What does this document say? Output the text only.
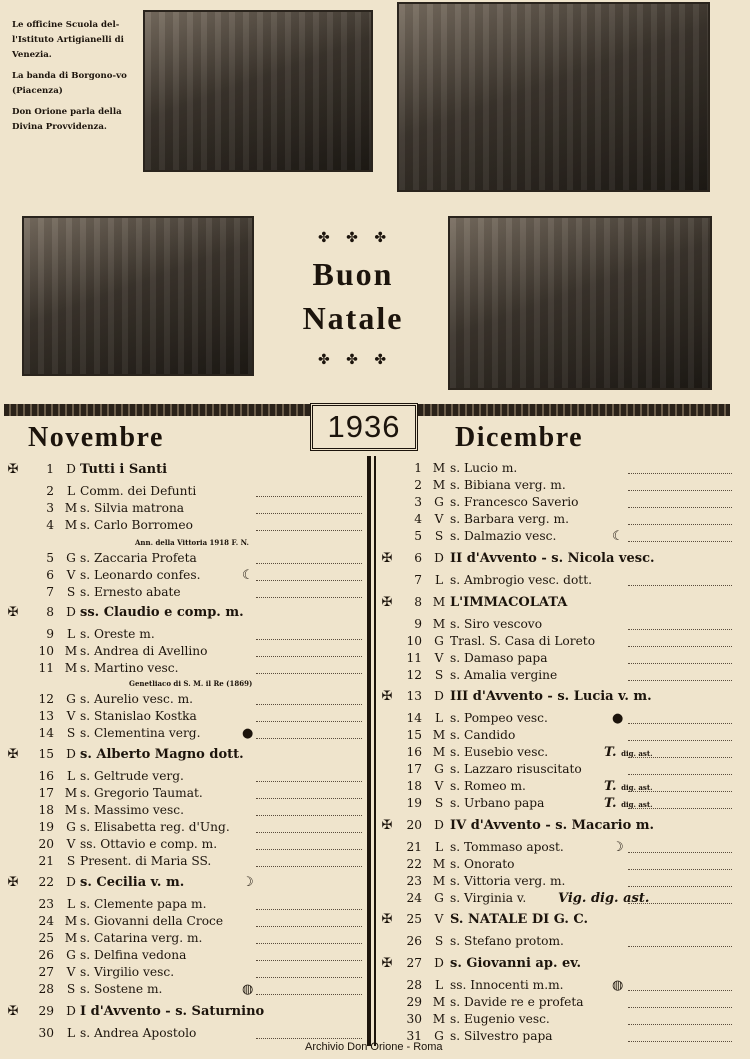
Le officine Scuola del-l'Istituto Artigianelli di Venezia.

La banda di Borgono-vo (Piacenza)

Don Orione parla della Divina Provvidenza.

✤ ✤ ✤
Buon
Natale
✤ ✤ ✤
1936
Novembre	Dicembre
Ann. della Vittoria 1918 F. N.
Genetliaco di S. M. il Re (1869)
✠	1 D Tutti i Santi
2 L Comm. dei Defunti
3 M s. Silvia matrona
4 M s. Carlo Borromeo
5 G s. Zaccaria Profeta
6 V s. Leonardo confes.	☾
7 S s. Ernesto abate
✠	8 D ss. Claudio e comp. m.
9 L s. Oreste m.
10 M s. Andrea di Avellino
11 M s. Martino vesc.
12 G s. Aurelio vesc. m.
13 V s. Stanislao Kostka
14 S s. Clementina verg.	●
✠	15 D s. Alberto Magno dott.
16 L s. Geltrude verg.
17 M s. Gregorio Taumat.
18 M s. Massimo vesc.
19 G s. Elisabetta reg. d'Ung.
20 V ss. Ottavio e comp. m.
21 S Present. di Maria SS.
✠	22 D s. Cecilia v. m.	☽
23 L s. Clemente papa m.
24 M s. Giovanni della Croce
25 M s. Catarina verg. m.
26 G s. Delfina vedona
27 V s. Virgilio vesc.
28 S s. Sostene m.	◍
✠	29 D I d'Avvento - s. Saturnino
30 L s. Andrea Apostolo
1 M s. Lucio m.
2 M s. Bibiana verg. m.
3 G s. Francesco Saverio
4 V s. Barbara verg. m.
5 S s. Dalmazio vesc.	☾
✠	6 D II d'Avvento - s. Nicola vesc.
7 L s. Ambrogio vesc. dott.
✠	8 M L'IMMACOLATA
9 M s. Siro vescovo
10 G Trasl. S. Casa di Loreto
11 V s. Damaso papa
12 S s. Amalia vergine
✠	13 D III d'Avvento - s. Lucia v. m.
14 L s. Pompeo vesc.	●
15 M s. Candido
16 M s. Eusebio vesc.	T. dig. ast.
17 G s. Lazzaro risuscitato
18 V s. Romeo m.	T. dig. ast.
19 S s. Urbano papa	T. dig. ast.
✠	20 D IV d'Avvento - s. Macario m.
21 L s. Tommaso apost.	☽
22 M s. Onorato
23 M s. Vittoria verg. m.
24 G s. Virginia v. Vig. dig. ast.
✠	25 V S. NATALE DI G. C.
26 S s. Stefano protom.
✠	27 D s. Giovanni ap. ev.
28 L ss. Innocenti m.m.	◍
29 M s. Davide re e profeta
30 M s. Eugenio vesc.
31 G s. Silvestro papa
Archivio Don Orione - Roma
